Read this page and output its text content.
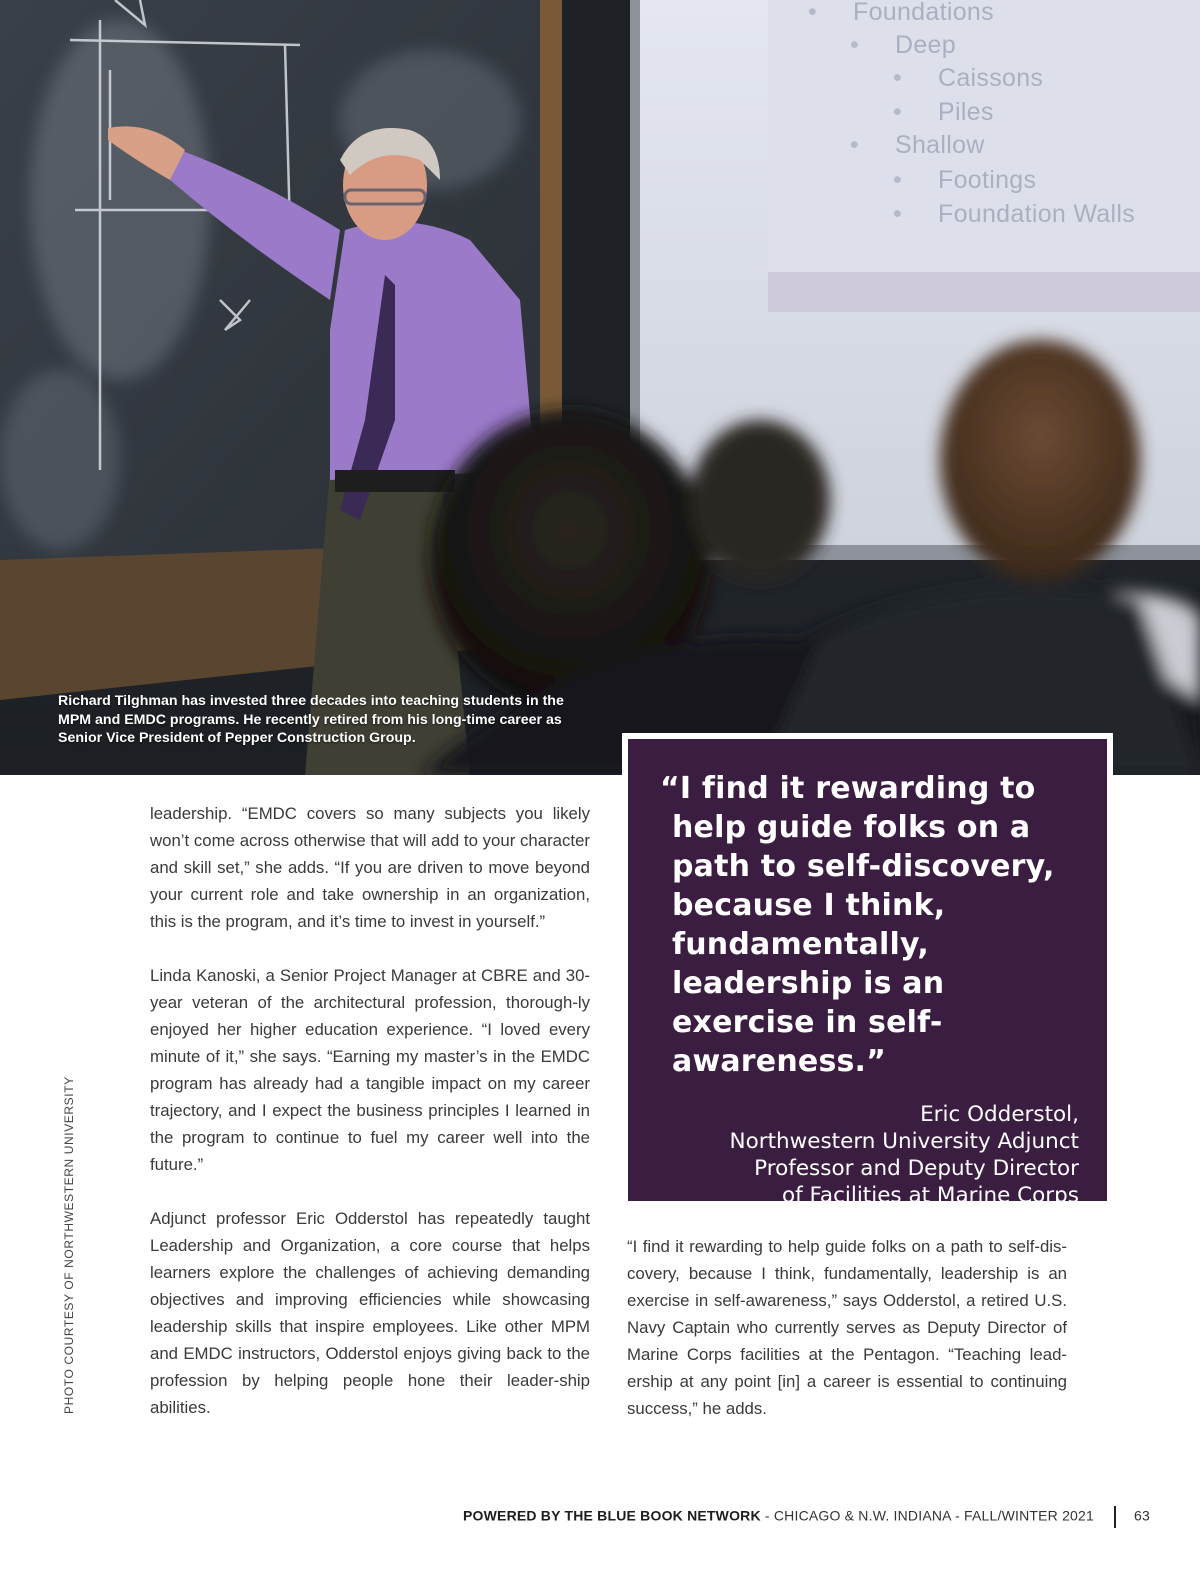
• Foundations
• Deep
• Caissons
• Piles
• Shallow
• Footings
• Foundation Walls
Richard Tilghman has invested three decades into teaching students in the MPM and EMDC programs. He recently retired from his long-time career as Senior Vice President of Pepper Construction Group.
PHOTO COURTESY OF NORTHWESTERN UNIVERSITY

leadership. “EMDC covers so many subjects you likely won’t come across otherwise that will add to your character and skill set,” she adds. “If you are driven to move beyond your current role and take ownership in an organization, this is the program, and it’s time to invest in yourself.”

Linda Kanoski, a Senior Project Manager at CBRE and 30-year veteran of the architectural profession, thorough-ly enjoyed her higher education experience. “I loved every minute of it,” she says. “Earning my master’s in the EMDC program has already had a tangible impact on my career trajectory, and I expect the business principles I learned in the program to continue to fuel my career well into the future.”

Adjunct professor Eric Odderstol has repeatedly taught Leadership and Organization, a core course that helps learners explore the challenges of achieving demanding objectives and improving efficiencies while showcasing leadership skills that inspire employees. Like other MPM and EMDC instructors, Odderstol enjoys giving back to the profession by helping people hone their leader-ship abilities.

“I find it rewarding to help guide folks on a path to self-discovery, because I think, fundamentally, leadership is an exercise in self-awareness.”
Eric Odderstol,
Northwestern University Adjunct
Professor and Deputy Director
of Facilities at Marine Corps
Installation Command

“I find it rewarding to help guide folks on a path to self-dis-covery, because I think, fundamentally, leadership is an exercise in self-awareness,” says Odderstol, a retired U.S. Navy Captain who currently serves as Deputy Director of Marine Corps facilities at the Pentagon. “Teaching lead-ership at any point [in] a career is essential to continuing success,” he adds.

POWERED BY THE BLUE BOOK NETWORK - CHICAGO & N.W. INDIANA - FALL/WINTER 2021	63
